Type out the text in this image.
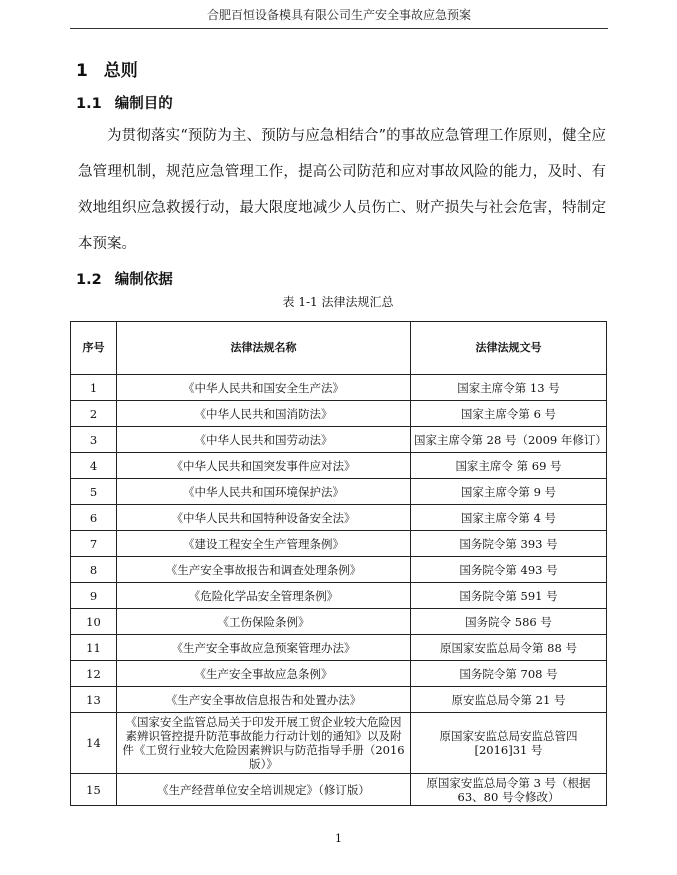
合肥百恒设备模具有限公司生产安全事故应急预案
1 总则
1.1 编制目的

为贯彻落实“预防为主、预防与应急相结合”的事故应急管理工作原则，健全应急管理机制，规范应急管理工作，提高公司防范和应对事故风险的能力，及时、有效地组织应急救援行动，最大限度地减少人员伤亡、财产损失与社会危害，特制定本预案。

1.2 编制依据
表 1-1 法律法规汇总
序号	法律法规名称	法律法规文号
1	《中华人民共和国安全生产法》	国家主席令第 13 号
2	《中华人民共和国消防法》	国家主席令第 6 号
3	《中华人民共和国劳动法》	国家主席令第 28 号（2009 年修订）
4	《中华人民共和国突发事件应对法》	国家主席令 第 69 号
5	《中华人民共和国环境保护法》	国家主席令第 9 号
6	《中华人民共和国特种设备安全法》	国家主席令第 4 号
7	《建设工程安全生产管理条例》	国务院令第 393 号
8	《生产安全事故报告和调查处理条例》	国务院令第 493 号
9	《危险化学品安全管理条例》	国务院令第 591 号
10	《工伤保险条例》	国务院令 586 号
11	《生产安全事故应急预案管理办法》	原国家安监总局令第 88 号
12	《生产安全事故应急条例》	国务院令第 708 号
13	《生产安全事故信息报告和处置办法》	原安监总局令第 21 号
14	《国家安全监管总局关于印发开展工贸企业较大危险因素辨识管控提升防范事故能力行动计划的通知》以及附件《工贸行业较大危险因素辨识与防范指导手册（2016版）》	原国家安监总局安监总管四[2016]31 号
15	《生产经营单位安全培训规定》（修订版）	原国家安监总局令第 3 号（根据 63、80 号令修改）
1
